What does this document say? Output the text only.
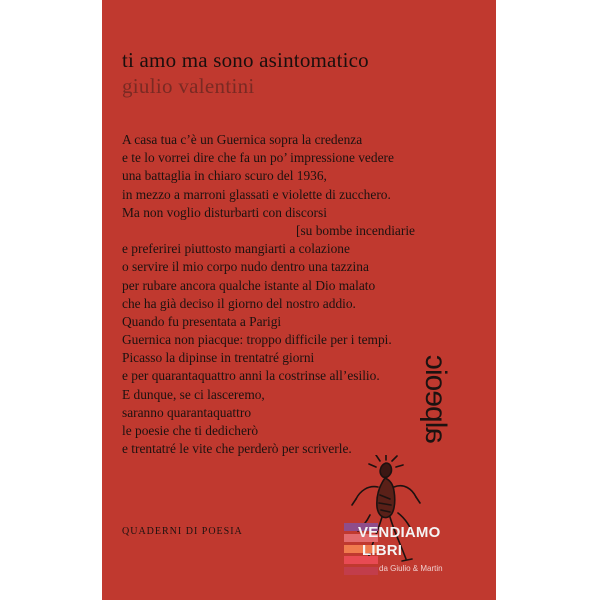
ti amo ma sono asintomatico
giulio valentini
A casa tua c’è un Guernica sopra la credenza
e te lo vorrei dire che fa un po’ impressione vedere
una battaglia in chiaro scuro del 1936,
in mezzo a marroni glassati e violette di zucchero.
Ma non voglio disturbarti con discorsi
[su bombe incendiarie
e preferirei piuttosto mangiarti a colazione
o servire il mio corpo nudo dentro una tazzina
per rubare ancora qualche istante al Dio malato
che ha già deciso il giorno del nostro addio.
Quando fu presentata a Parigi
Guernica non piacque: troppo difficile per i tempi.
Picasso la dipinse in trentatré giorni
e per quarantaquattro anni la costrinse all’esilio.
E dunque, se ci lasceremo,
saranno quarantaquattro
le poesie che ti dedicherò
e trentatré le vite che perderò per scriverle.
QUADERNI DI POESIA
alpeoic
VENDIAMO
LIBRI
da Giulio & Martin
